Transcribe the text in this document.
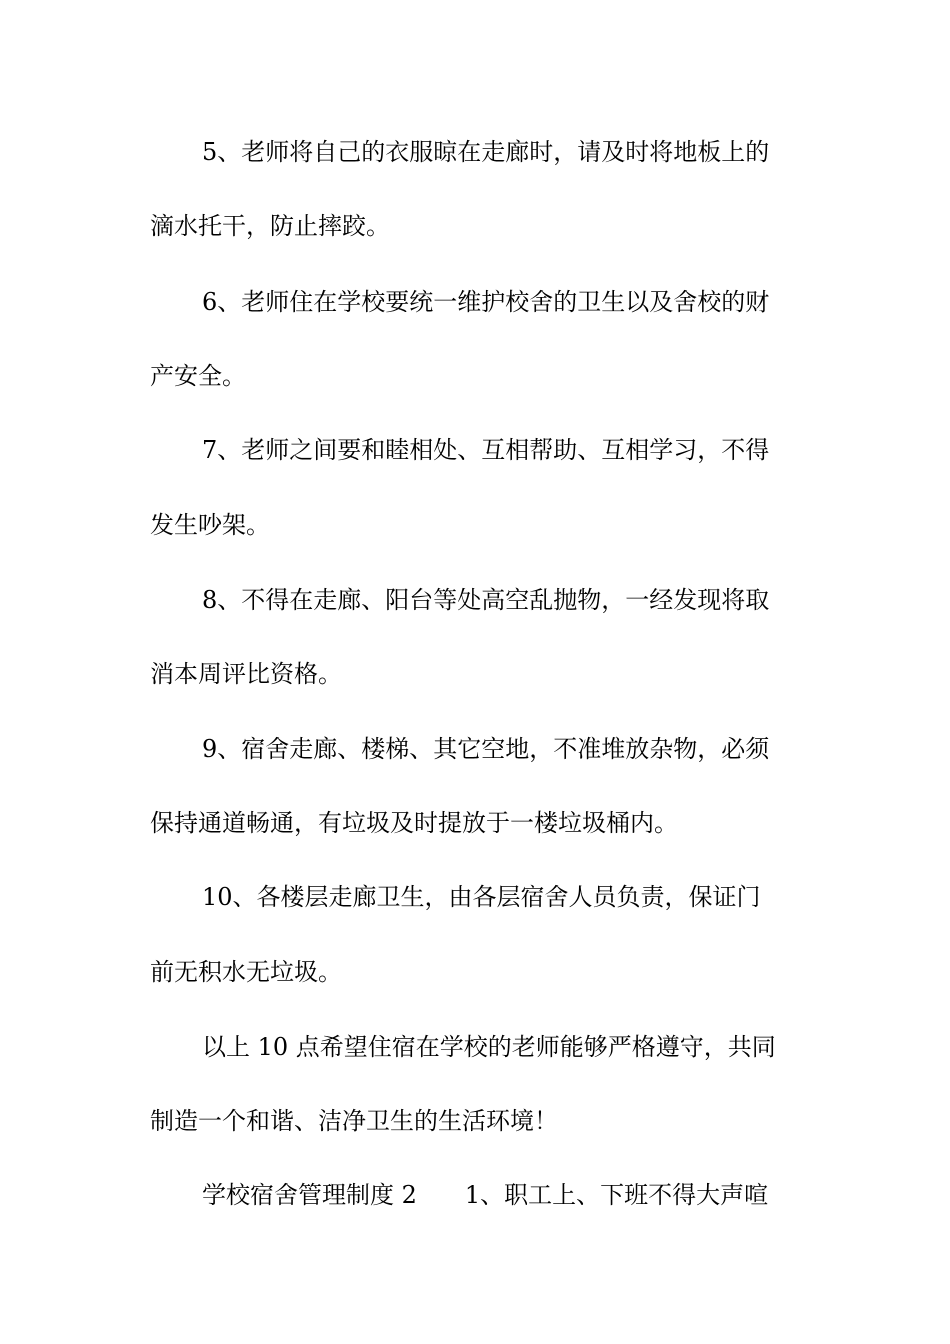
5、老师将自己的衣服晾在走廊时，请及时将地板上的
滴水托干，防止摔跤。
6、老师住在学校要统一维护校舍的卫生以及舍校的财
产安全。
7、老师之间要和睦相处、互相帮助、互相学习，不得
发生吵架。
8、不得在走廊、阳台等处高空乱抛物，一经发现将取
消本周评比资格。
9、宿舍走廊、楼梯、其它空地，不准堆放杂物，必须
保持通道畅通，有垃圾及时提放于一楼垃圾桶内。
10、各楼层走廊卫生，由各层宿舍人员负责，保证门
前无积水无垃圾。
以上 10 点希望住宿在学校的老师能够严格遵守，共同
制造一个和谐、洁净卫生的生活环境！
学校宿舍管理制度 2 1、职工上、下班不得大声喧
